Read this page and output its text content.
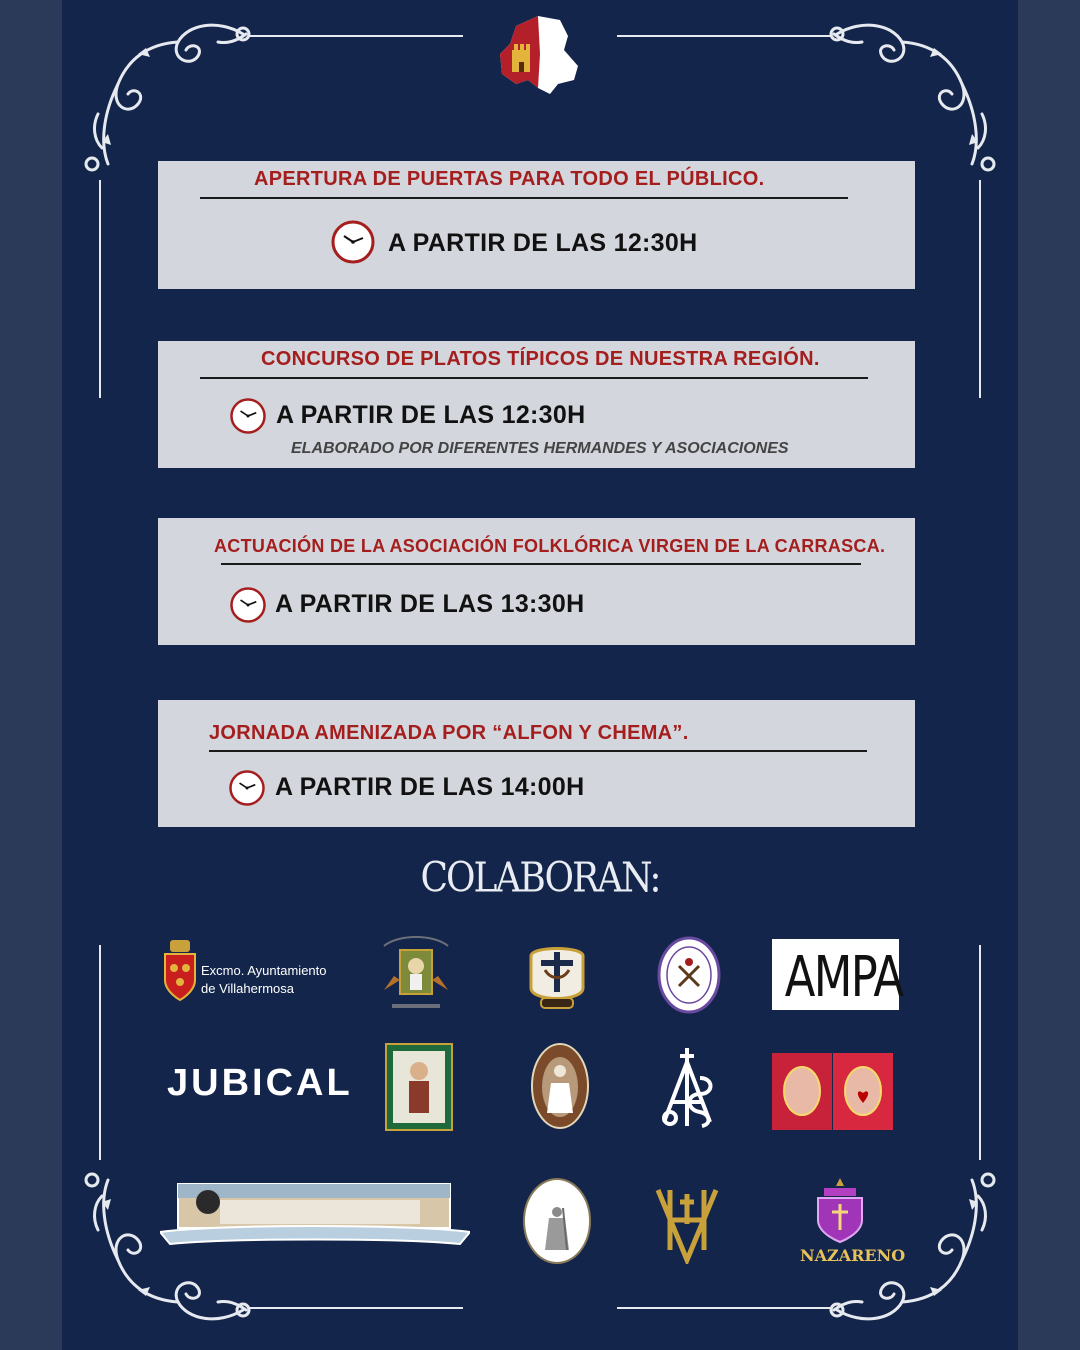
APERTURA DE PUERTAS PARA TODO EL PÚBLICO.
A PARTIR DE LAS 12:30H
CONCURSO DE PLATOS TÍPICOS DE NUESTRA REGIÓN.
A PARTIR DE LAS 12:30H
ELABORADO POR DIFERENTES HERMANDES Y ASOCIACIONES
ACTUACIÓN DE LA ASOCIACIÓN FOLKLÓRICA VIRGEN DE LA CARRASCA.
A PARTIR DE LAS 13:30H
JORNADA AMENIZADA POR “ALFON Y CHEMA”.
A PARTIR DE LAS 14:00H
COLABORAN:
Excmo. Ayuntamiento
de Villahermosa	AMPA
JUBICAL
NAZARENO
